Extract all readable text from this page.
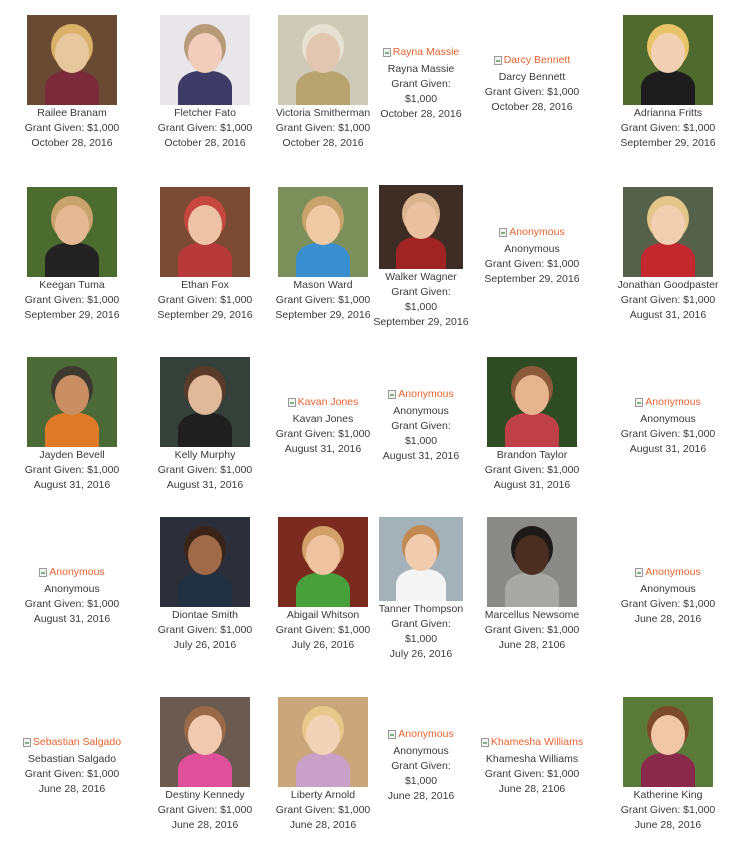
Railee Branam
Grant Given: $1,000
October 28, 2016
Fletcher Fato
Grant Given: $1,000
October 28, 2016
Victoria Smitherman
Grant Given: $1,000
October 28, 2016
Rayna Massie
Rayna Massie
Grant Given:
$1,000
October 28, 2016
Darcy Bennett
Darcy Bennett
Grant Given: $1,000
October 28, 2016
Adrianna Fritts
Grant Given: $1,000
September 29, 2016
Keegan Tuma
Grant Given: $1,000
September 29, 2016
Ethan Fox
Grant Given: $1,000
September 29, 2016
Mason Ward
Grant Given: $1,000
September 29, 2016
Walker Wagner
Grant Given:
$1,000
September 29, 2016
Anonymous
Anonymous
Grant Given: $1,000
September 29, 2016
Jonathan Goodpaster
Grant Given: $1,000
August 31, 2016
Jayden Bevell
Grant Given: $1,000
August 31, 2016
Kelly Murphy
Grant Given: $1,000
August 31, 2016
Kavan Jones
Kavan Jones
Grant Given: $1,000
August 31, 2016
Anonymous
Anonymous
Grant Given:
$1,000
August 31, 2016	Brandon Taylor
Grant Given: $1,000
August 31, 2016
Anonymous
Anonymous
Grant Given: $1,000
August 31, 2016
Anonymous
Anonymous
Grant Given: $1,000
August 31, 2016	Diontae Smith
Grant Given: $1,000
July 26, 2016
Abigail Whitson
Grant Given: $1,000
July 26, 2016
Tanner Thompson
Grant Given:
$1,000
July 26, 2016
Marcellus Newsome
Grant Given: $1,000
June 28, 2106
Anonymous
Anonymous
Grant Given: $1,000
June 28, 2016
Sebastian Salgado
Sebastian Salgado
Grant Given: $1,000
June 28, 2016
Destiny Kennedy
Grant Given: $1,000
June 28, 2016
Liberty Arnold
Grant Given: $1,000
June 28, 2016
Anonymous
Anonymous
Grant Given:
$1,000
June 28, 2016
Khamesha Williams
Khamesha Williams
Grant Given: $1,000
June 28, 2106
Katherine King
Grant Given: $1,000
June 28, 2016
